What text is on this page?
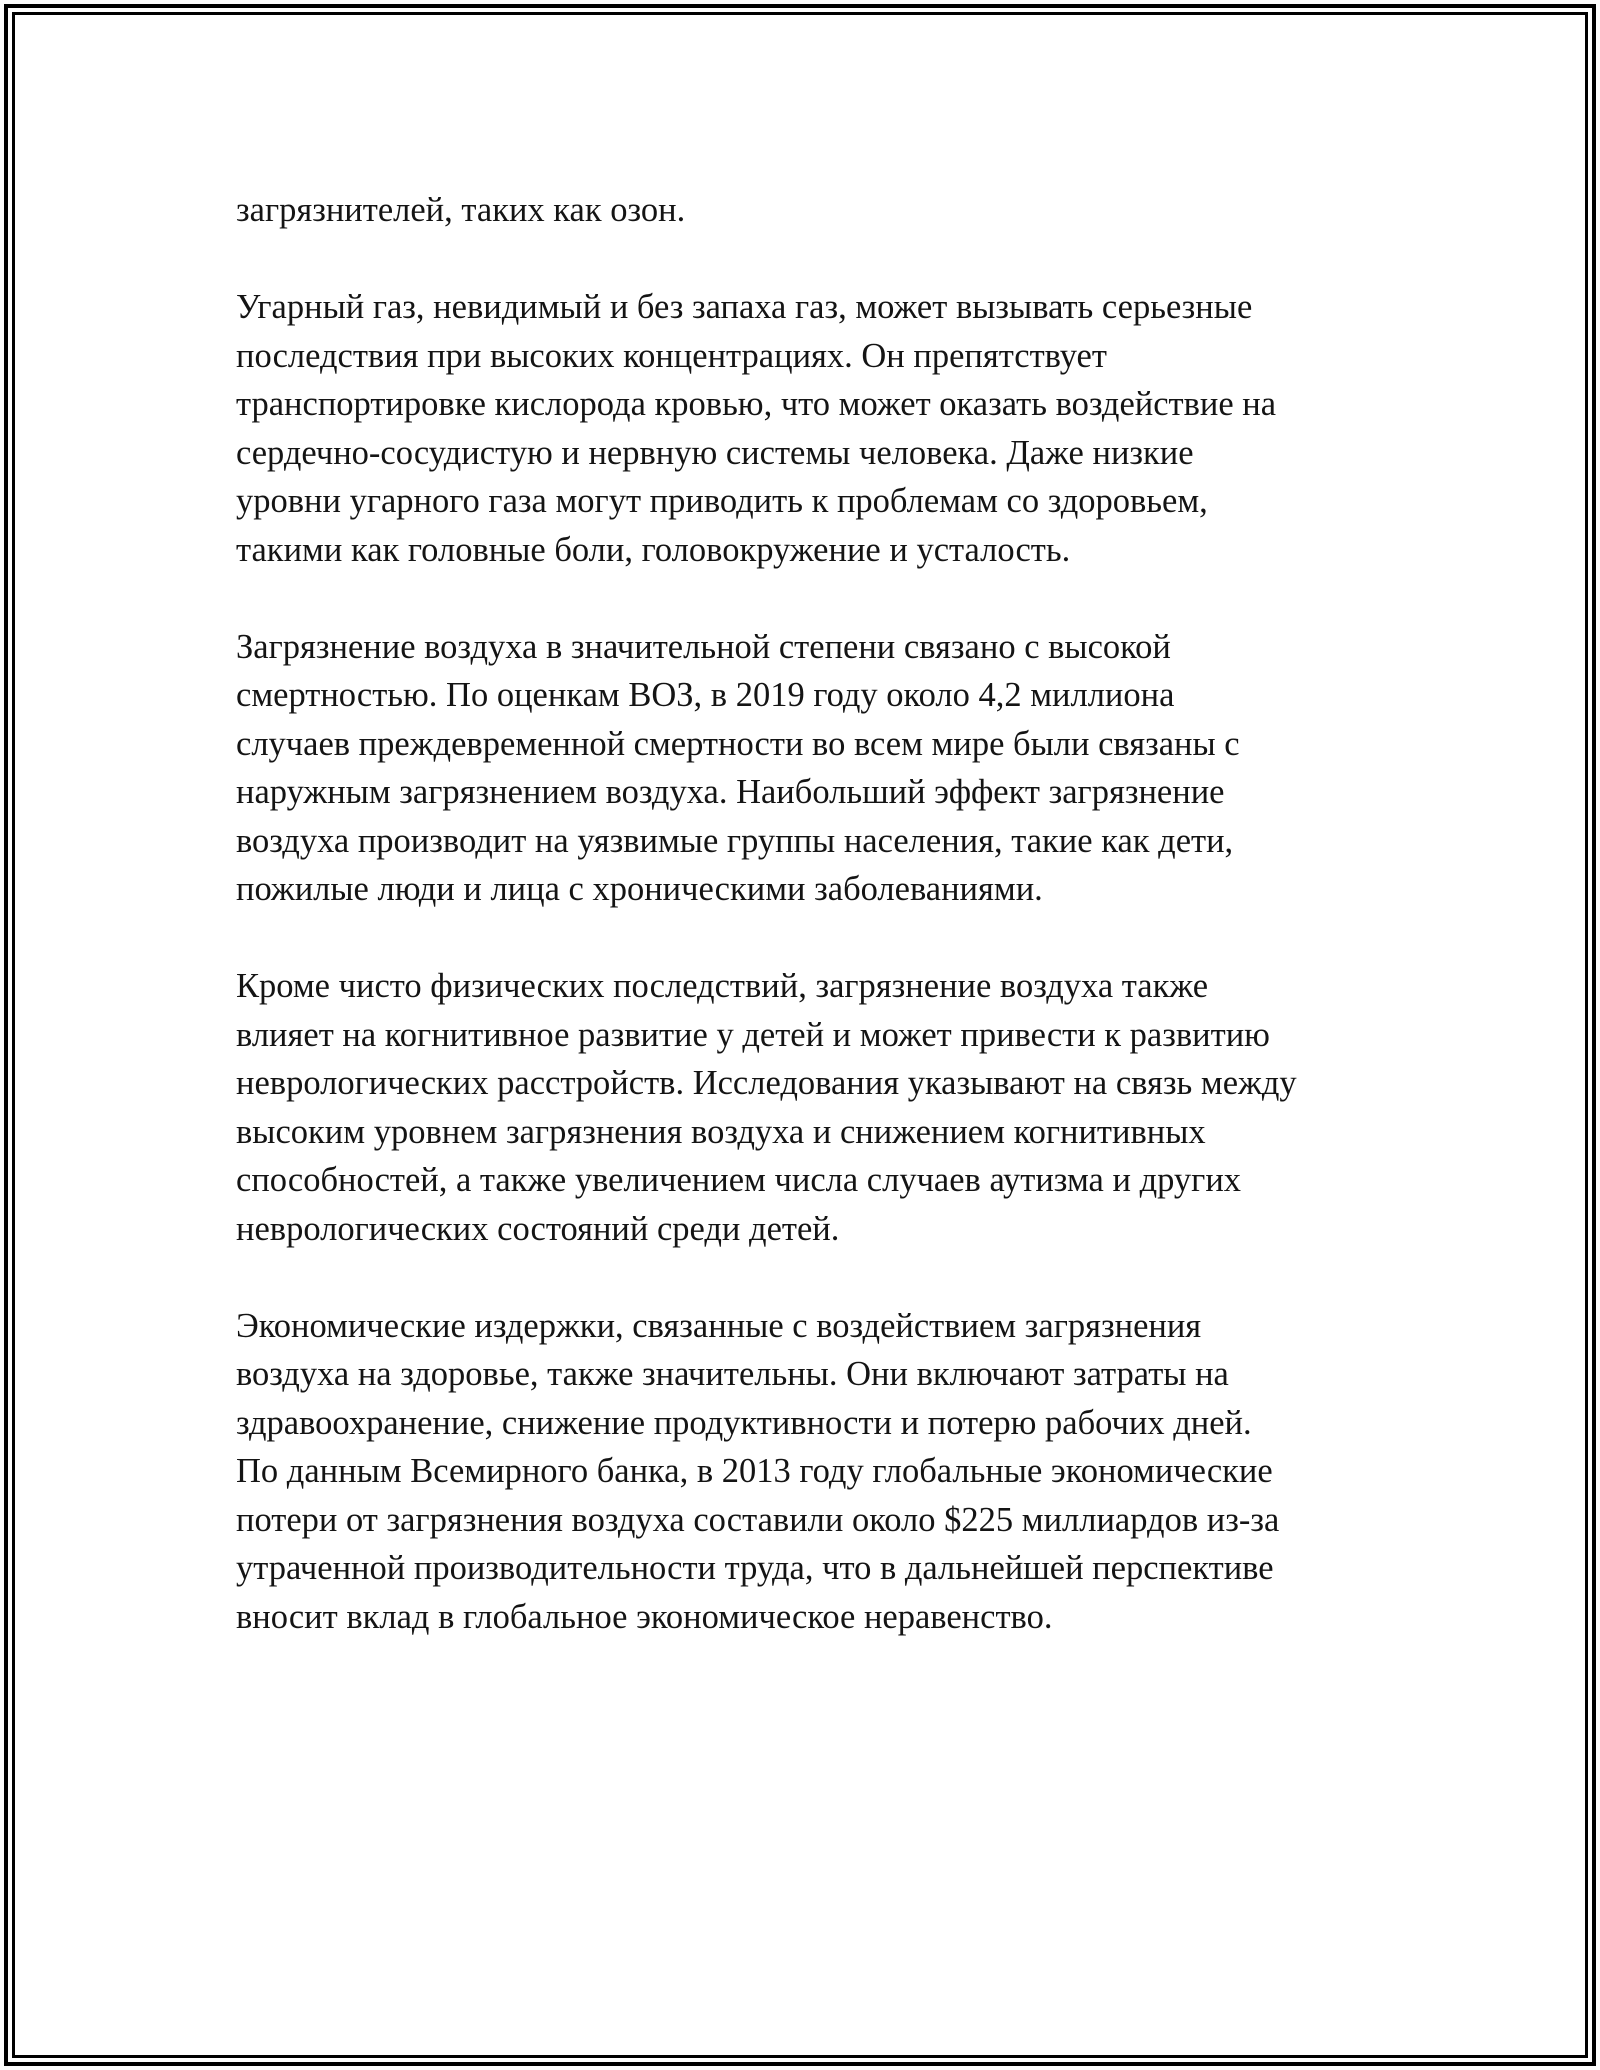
загрязнителей, таких как озон.
Угарный газ, невидимый и без запаха газ, может вызывать серьезные
последствия при высоких концентрациях. Он препятствует
транспортировке кислорода кровью, что может оказать воздействие на
сердечно-сосудистую и нервную системы человека. Даже низкие
уровни угарного газа могут приводить к проблемам со здоровьем,
такими как головные боли, головокружение и усталость.
Загрязнение воздуха в значительной степени связано с высокой
смертностью. По оценкам ВОЗ, в 2019 году около 4,2 миллиона
случаев преждевременной смертности во всем мире были связаны с
наружным загрязнением воздуха. Наибольший эффект загрязнение
воздуха производит на уязвимые группы населения, такие как дети,
пожилые люди и лица с хроническими заболеваниями.
Кроме чисто физических последствий, загрязнение воздуха также
влияет на когнитивное развитие у детей и может привести к развитию
неврологических расстройств. Исследования указывают на связь между
высоким уровнем загрязнения воздуха и снижением когнитивных
способностей, а также увеличением числа случаев аутизма и других
неврологических состояний среди детей.
Экономические издержки, связанные с воздействием загрязнения
воздуха на здоровье, также значительны. Они включают затраты на
здравоохранение, снижение продуктивности и потерю рабочих дней.
По данным Всемирного банка, в 2013 году глобальные экономические
потери от загрязнения воздуха составили около $225 миллиардов из-за
утраченной производительности труда, что в дальнейшей перспективе
вносит вклад в глобальное экономическое неравенство.
